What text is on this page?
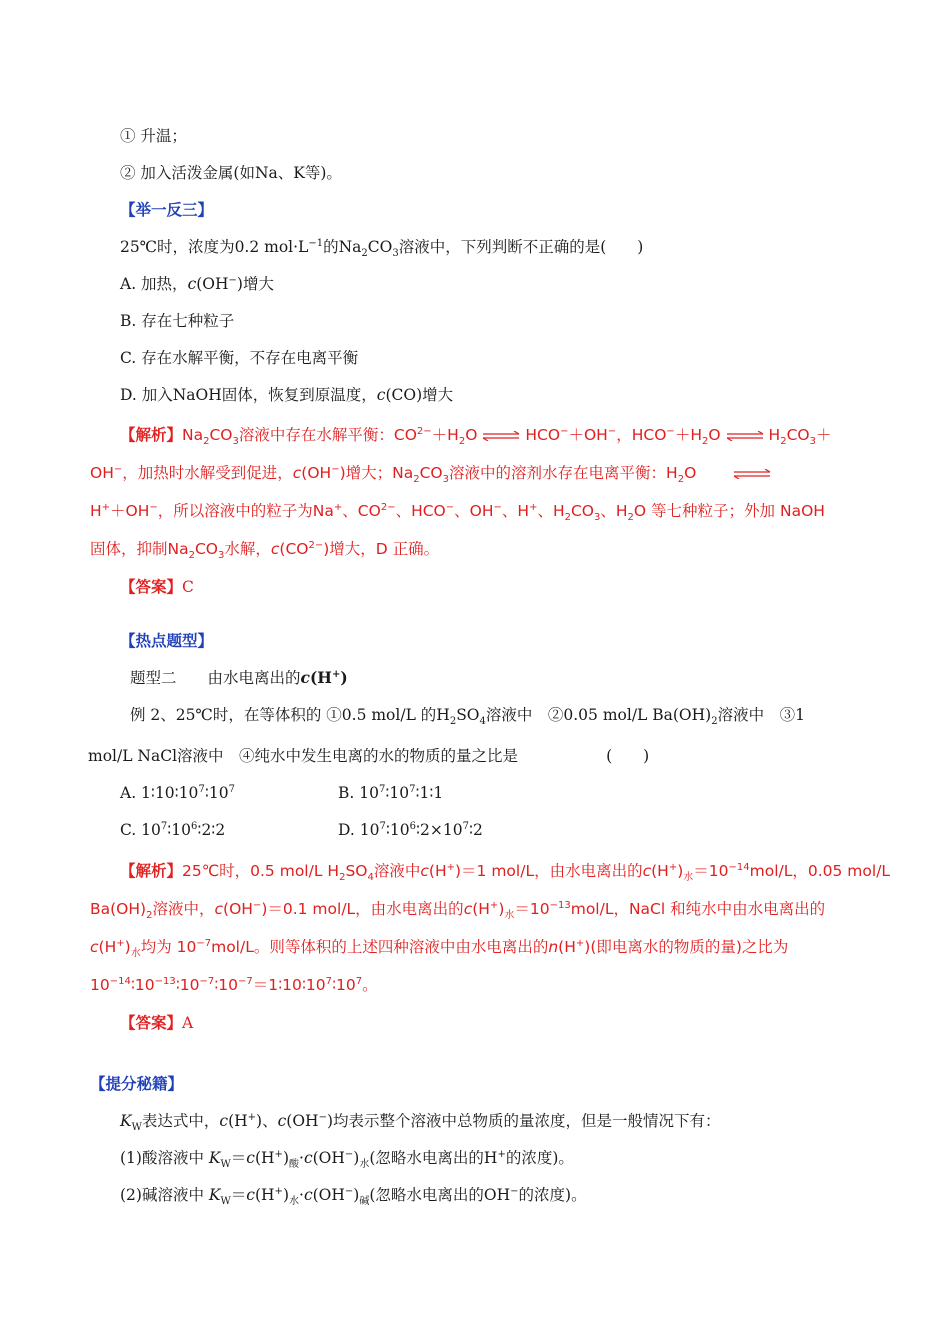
① 升温；
② 加入活泼金属(如Na、K等)。
【举一反三】
25℃时，浓度为0.2 $mol\cdot L^{-1}$的$Na_2CO_3$溶液中，下列判断不正确的是(　　)
A. 加热，c(OH−)增大
B. 存在七种粒子
C. 存在水解平衡，不存在电离平衡
D. 加入NaOH固体，恢复到原温度，c(CO)增大
【解析】$Na_2CO_3$溶液中存在水解平衡：$CO^{2-}+H_2O$ ⇌ HCO−＋OH−，$HCO^-+H_2O$ ⇌ $H_2CO_3+$
OH−，加热时水解受到促进，c(OH−)增大；$Na_2CO_3$溶液中的溶剂水存在电离平衡：$H_2O$
H+＋OH−，所以溶液中的粒子为Na+、$CO^{2-}$、HCO−、OH−、H+、$H_2CO_3$、$H_2O$ 等七种粒子；外加 NaOH
固体，抑制$Na_2CO_3$水解，$c(CO^{2-})$增大，D 正确。
【答案】C
【热点题型】
题型二　　由水电离出的c(H+)
例 2、25℃时，在等体积的 ①0.5 mol/L 的$H_2SO_4$溶液中　②0.05 mol/L $Ba(OH)_2$溶液中　③1
mol/L NaCl溶液中　④纯水中发生电离的水的物质的量之比是	(　　)
A. $1∶10∶10^7∶10^7$	B. $10^7∶10^7∶1∶1$
C. $10^7∶10^6∶2∶2$	D. $10^7∶10^6∶2\times 10^7∶2$
【解析】25℃时，0.5 mol/L $H_2SO_4$溶液中c(H+)＝1 mol/L，由水电离出的$c(H^+)_水=10^{-14}mol/L$，0.05 mol/L
$Ba(OH)_2$溶液中，c(OH−)＝0.1 mol/L，由水电离出的$c(H^+)_水=10^{-13}mol/L$，NaCl 和纯水中由水电离出的
$c(H^+)_水$均为 $10^{-7}mol/L$。则等体积的上述四种溶液中由水电离出的n(H+)(即电离水的物质的量)之比为
$10^{-14}∶10^{-13}∶10^{-7}∶10^{-7}=1∶10∶10^7∶10^7$。
【答案】A
【提分秘籍】
$K_W$表达式中，c(H+)、c(OH−)均表示整个溶液中总物质的量浓度，但是一般情况下有：
(1)酸溶液中 $K_W=c(H^+)_酸\cdot c(OH^-)_水$(忽略水电离出的H+的浓度)。
(2)碱溶液中 $K_W=c(H^+)_水\cdot c(OH^-)_碱$(忽略水电离出的OH−的浓度)。
